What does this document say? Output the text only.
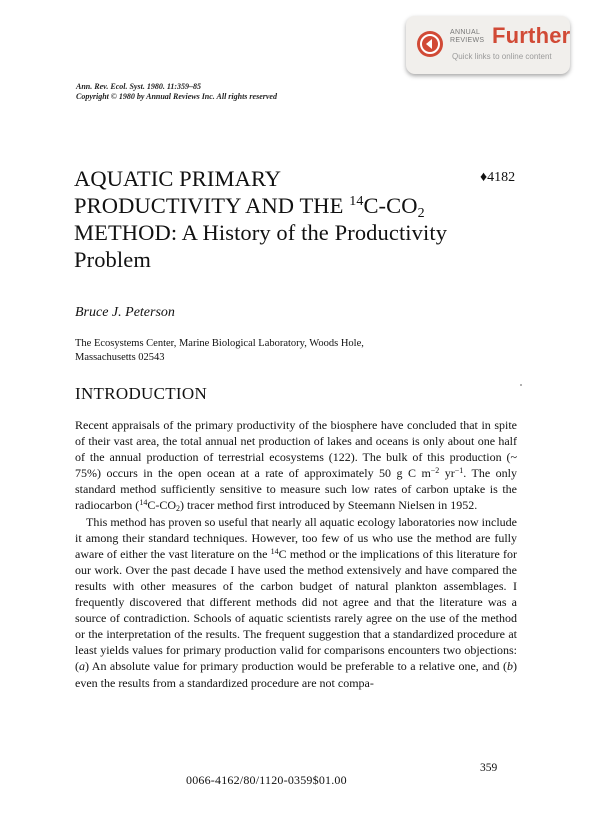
ANNUAL
REVIEWS Further
Quick links to online content
Ann. Rev. Ecol. Syst. 1980. 11:359–85
Copyright © 1980 by Annual Reviews Inc. All rights reserved
AQUATIC PRIMARY
PRODUCTIVITY AND THE $^{14}C-CO_2$
METHOD: A History of the Productivity
Problem
♦4182
Bruce J. Peterson
The Ecosystems Center, Marine Biological Laboratory, Woods Hole,
Massachusetts 02543
INTRODUCTION

Recent appraisals of the primary productivity of the biosphere have concluded that in spite of their vast area, the total annual net production of lakes and oceans is only about one half of the annual production of terrestrial ecosystems (122). The bulk of this production (~ 75%) occurs in the open ocean at a rate of approximately 50 g C $m^{-2}$ $yr^{-1}$. The only standard method sufficiently sensitive to measure such low rates of carbon uptake is the radiocarbon $(^{14}C-CO_2)$ tracer method first introduced by Steemann Nielsen in 1952.

This method has proven so useful that nearly all aquatic ecology laboratories now include it among their standard techniques. However, too few of us who use the method are fully aware of either the vast literature on the $^{14}$C method or the implications of this literature for our work. Over the past decade I have used the method extensively and have compared the results with other measures of the carbon budget of natural plankton assemblages. I frequently discovered that different methods did not agree and that the literature was a source of contradiction. Schools of aquatic scientists rarely agree on the use of the method or the interpretation of the results. The frequent suggestion that a standardized procedure at least yields values for primary production valid for comparisons encounters two objections: (a) An absolute value for primary production would be preferable to a relative one, and (b) even the results from a standardized procedure are not compa-

359
0066-4162/80/1120-0359$01.00
